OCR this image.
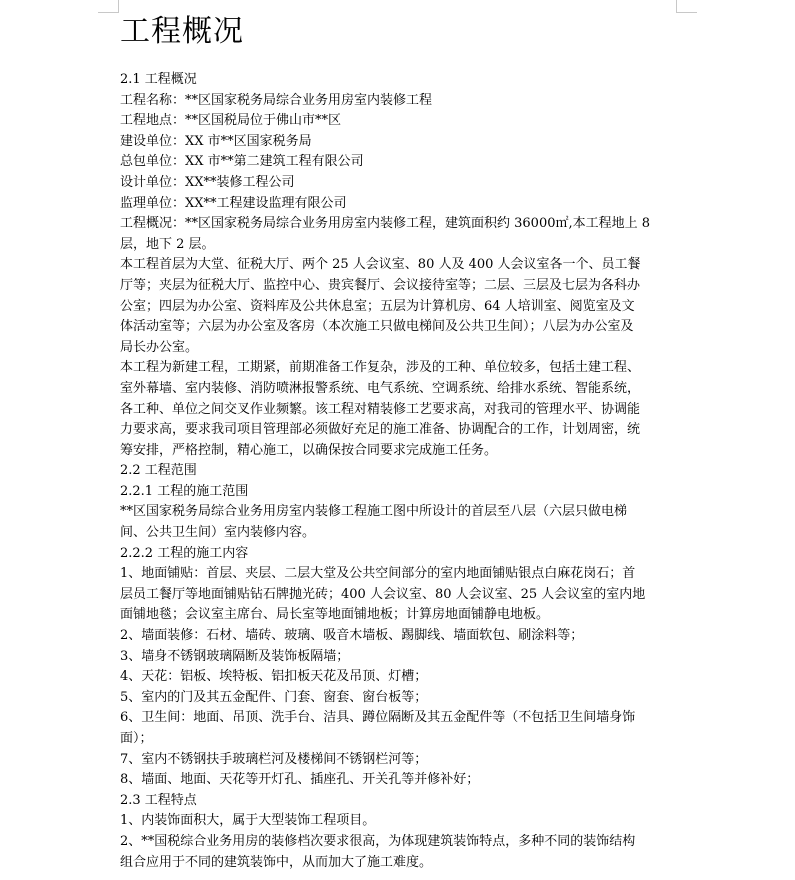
工程概况
2.1 工程概况
工程名称：**区国家税务局综合业务用房室内装修工程
工程地点：**区国税局位于佛山市**区
建设单位：XX 市**区国家税务局
总包单位：XX 市**第二建筑工程有限公司
设计单位：XX**装修工程公司
监理单位：XX**工程建设监理有限公司
工程概况：**区国家税务局综合业务用房室内装修工程，建筑面积约 36000㎡,本工程地上 8
层，地下 2 层。
本工程首层为大堂、征税大厅、两个 25 人会议室、80 人及 400 人会议室各一个、员工餐
厅等；夹层为征税大厅、监控中心、贵宾餐厅、会议接待室等；二层、三层及七层为各科办
公室；四层为办公室、资料库及公共休息室；五层为计算机房、64 人培训室、阅览室及文
体活动室等；六层为办公室及客房（本次施工只做电梯间及公共卫生间）；八层为办公室及
局长办公室。
本工程为新建工程，工期紧，前期准备工作复杂，涉及的工种、单位较多，包括土建工程、
室外幕墙、室内装修、消防喷淋报警系统、电气系统、空调系统、给排水系统、智能系统，
各工种、单位之间交叉作业频繁。该工程对精装修工艺要求高，对我司的管理水平、协调能
力要求高，要求我司项目管理部必须做好充足的施工准备、协调配合的工作，计划周密，统
筹安排，严格控制，精心施工，以确保按合同要求完成施工任务。
2.2 工程范围
2.2.1 工程的施工范围
**区国家税务局综合业务用房室内装修工程施工图中所设计的首层至八层（六层只做电梯
间、公共卫生间）室内装修内容。
2.2.2 工程的施工内容
1、地面铺贴：首层、夹层、二层大堂及公共空间部分的室内地面铺贴银点白麻花岗石；首
层员工餐厅等地面铺贴钻石牌抛光砖；400 人会议室、80 人会议室、25 人会议室的室内地
面铺地毯；会议室主席台、局长室等地面铺地板；计算房地面铺静电地板。
2、墙面装修：石材、墙砖、玻璃、吸音木墙板、踢脚线、墙面软包、刷涂料等；
3、墙身不锈钢玻璃隔断及装饰板隔墙；
4、天花：铝板、埃特板、铝扣板天花及吊顶、灯槽；
5、室内的门及其五金配件、门套、窗套、窗台板等；
6、卫生间：地面、吊顶、洗手台、洁具、蹲位隔断及其五金配件等（不包括卫生间墙身饰
面）；
7、室内不锈钢扶手玻璃栏河及楼梯间不锈钢栏河等；
8、墙面、地面、天花等开灯孔、插座孔、开关孔等并修补好；
2.3 工程特点
1、内装饰面积大，属于大型装饰工程项目。
2、**国税综合业务用房的装修档次要求很高，为体现建筑装饰特点，多种不同的装饰结构
组合应用于不同的建筑装饰中，从而加大了施工难度。
